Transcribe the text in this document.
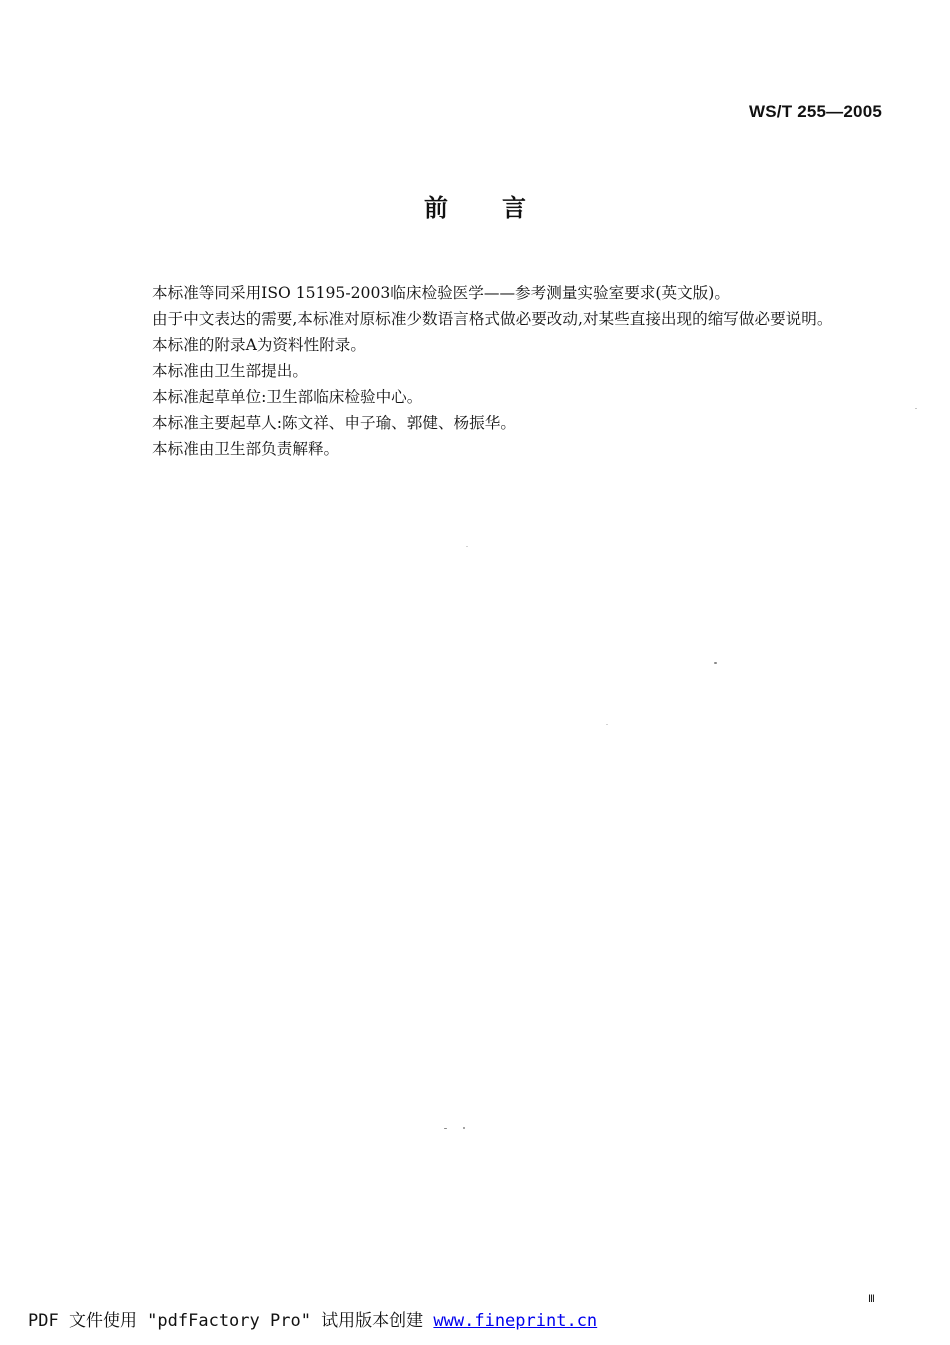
WS/T 255—2005
前言

本标准等同采用ISO 15195-2003临床检验医学——参考测量实验室要求(英文版)。

由于中文表达的需要,本标准对原标准少数语言格式做必要改动,对某些直接出现的缩写做必要说明。

本标准的附录A为资料性附录。

本标准由卫生部提出。

本标准起草单位:卫生部临床检验中心。

本标准主要起草人:陈文祥、申子瑜、郭健、杨振华。

本标准由卫生部负责解释。

Ⅲ
PDF 文件使用 "pdfFactory Pro" 试用版本创建 www.fineprint.cn
